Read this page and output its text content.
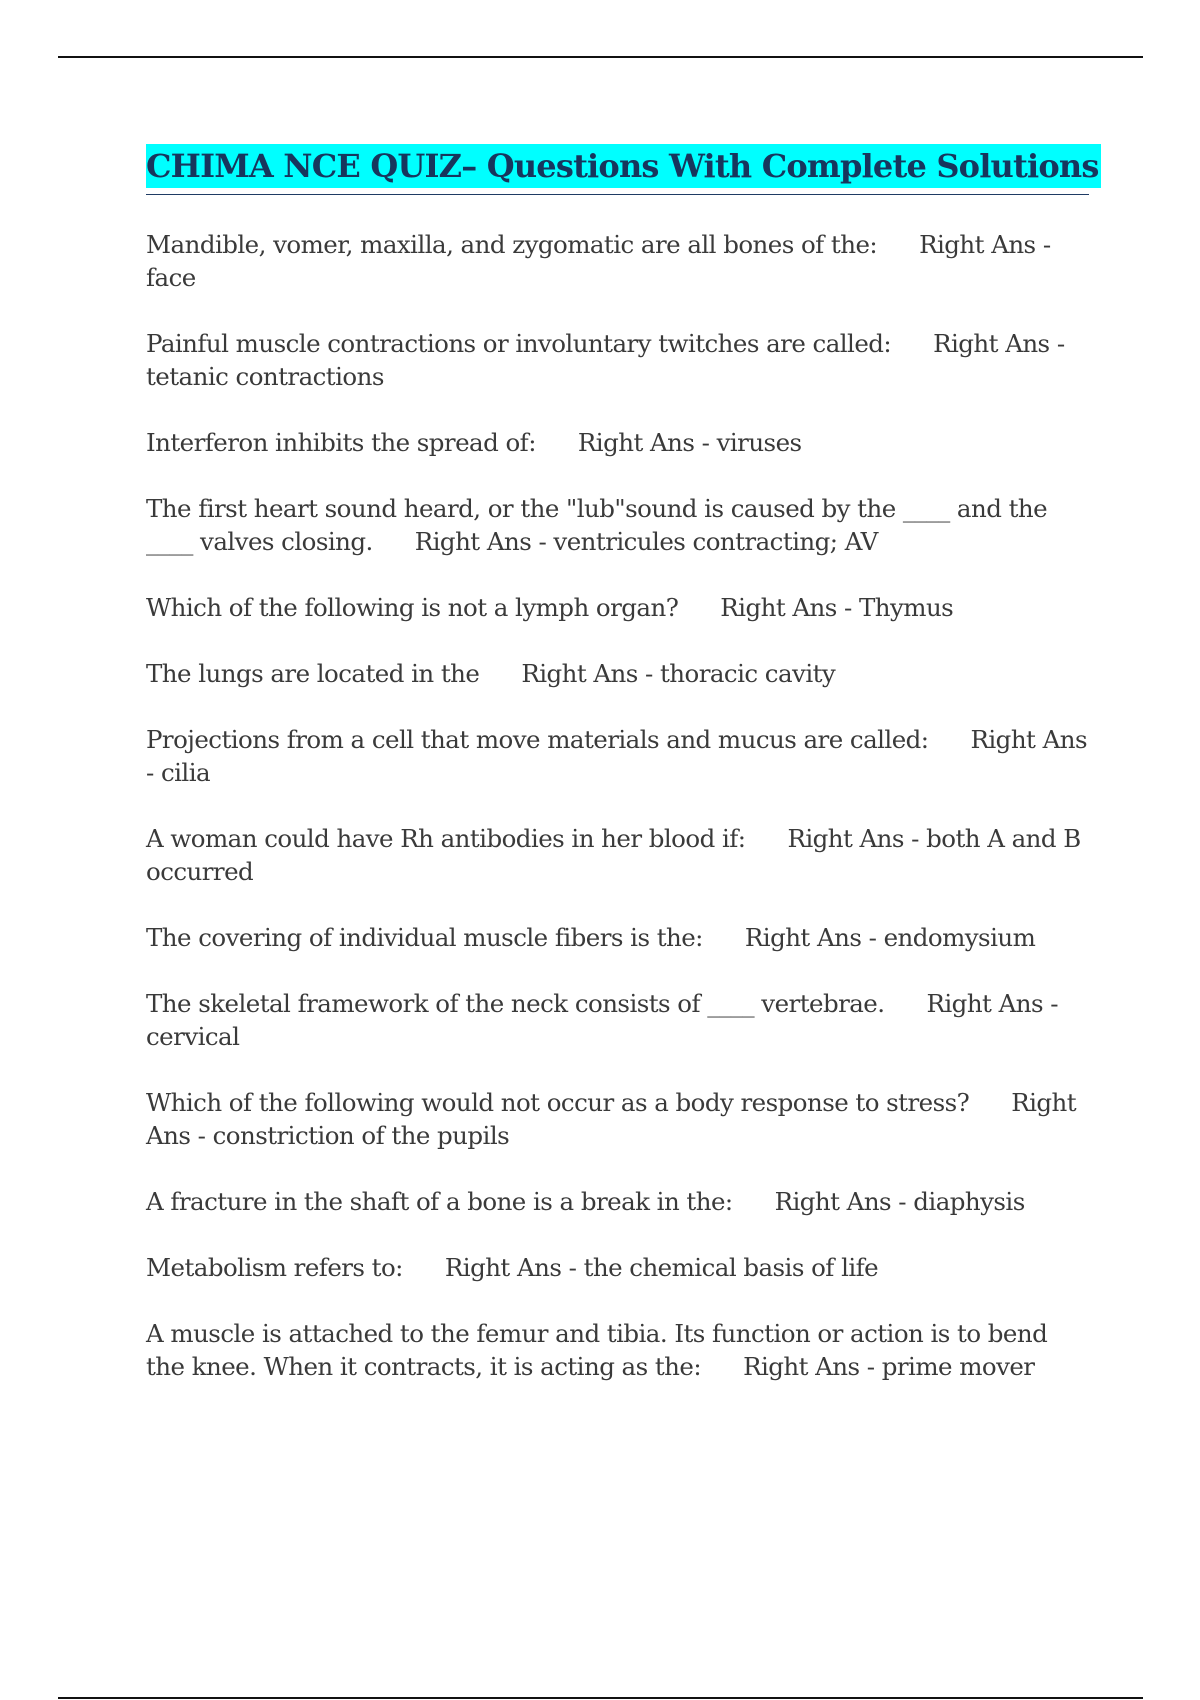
CHIMA NCE QUIZ– Questions With Complete Solutions

Mandible, vomer, maxilla, and zygomatic are all bones of the: Right Ans - face

Painful muscle contractions or involuntary twitches are called: Right Ans - tetanic contractions

Interferon inhibits the spread of: Right Ans - viruses

The first heart sound heard, or the "lub"sound is caused by the ____ and the ____ valves closing. Right Ans - ventricules contracting; AV

Which of the following is not a lymph organ? Right Ans - Thymus

The lungs are located in the Right Ans - thoracic cavity

Projections from a cell that move materials and mucus are called: Right Ans - cilia

A woman could have Rh antibodies in her blood if: Right Ans - both A and B occurred

The covering of individual muscle fibers is the: Right Ans - endomysium

The skeletal framework of the neck consists of ____ vertebrae. Right Ans - cervical

Which of the following would not occur as a body response to stress? Right Ans - constriction of the pupils

A fracture in the shaft of a bone is a break in the: Right Ans - diaphysis

Metabolism refers to: Right Ans - the chemical basis of life

A muscle is attached to the femur and tibia. Its function or action is to bend the knee. When it contracts, it is acting as the: Right Ans - prime mover
